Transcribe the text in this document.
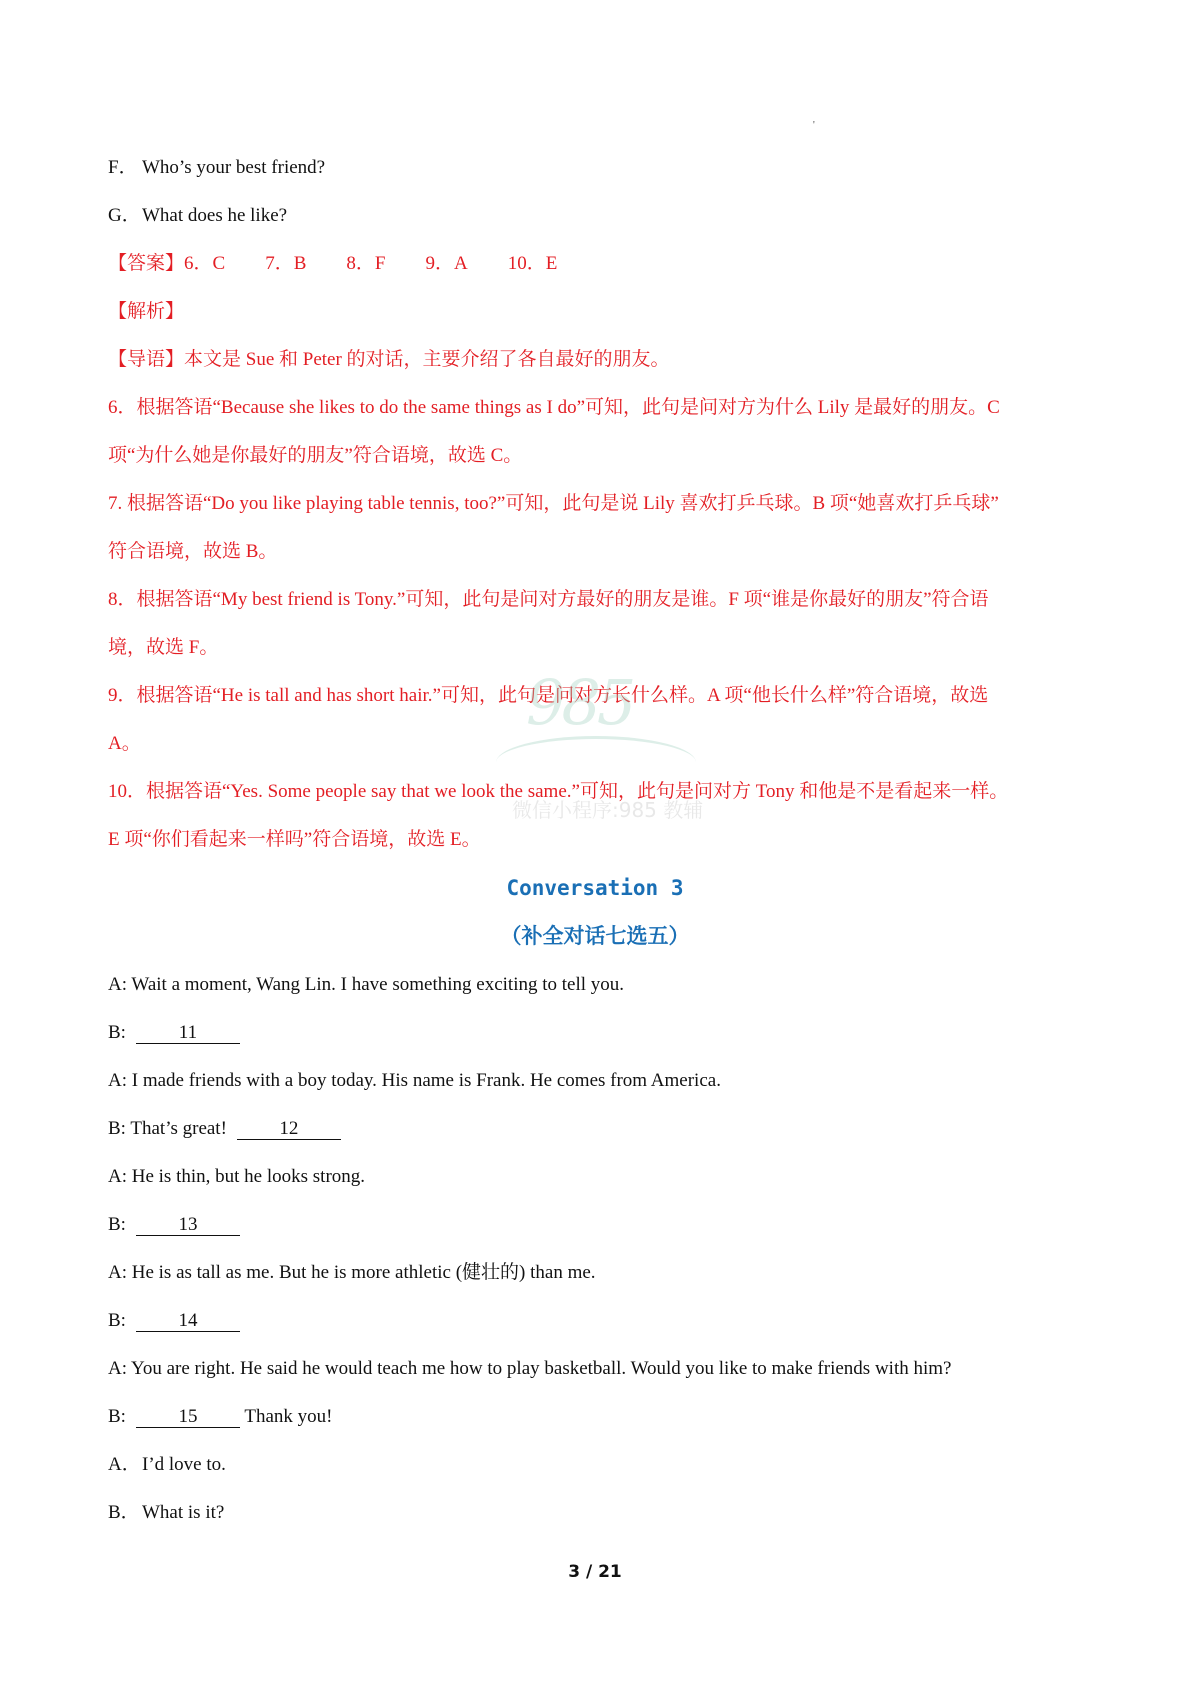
'
F． Who’s your best friend?
G．What does he like?
【答案】6．C 7．B 8．F 9．A 10．E
【解析】
【导语】本文是 Sue 和 Peter 的对话，主要介绍了各自最好的朋友。
6．根据答语“Because she likes to do the same things as I do”可知，此句是问对方为什么 Lily 是最好的朋友。C
项“为什么她是你最好的朋友”符合语境，故选 C。
7. 根据答语“Do you like playing table tennis, too?”可知，此句是说 Lily 喜欢打乒乓球。B 项“她喜欢打乒乓球”
符合语境，故选 B。
8．根据答语“My best friend is Tony.”可知，此句是问对方最好的朋友是谁。F 项“谁是你最好的朋友”符合语
境，故选 F。
9．根据答语“He is tall and has short hair.”可知，此句是问对方长什么样。A 项“他长什么样”符合语境，故选
A。
10．根据答语“Yes. Some people say that we look the same.”可知，此句是问对方 Tony 和他是不是看起来一样。
E 项“你们看起来一样吗”符合语境，故选 E。
985
微信小程序:985 教辅
Conversation 3
（补全对话七选五）
A: Wait a moment, Wang Lin. I have something exciting to tell you.
B:	11
A: I made friends with a boy today. His name is Frank. He comes from America.
B: That’s great!	12
A: He is thin, but he looks strong.
B:	13
A: He is as tall as me. But he is more athletic (健壮的) than me.
B:	14
A: You are right. He said he would teach me how to play basketball. Would you like to make friends with him?
B:	15 Thank you!
A．I’d love to.
B． What is it?
3 / 21
